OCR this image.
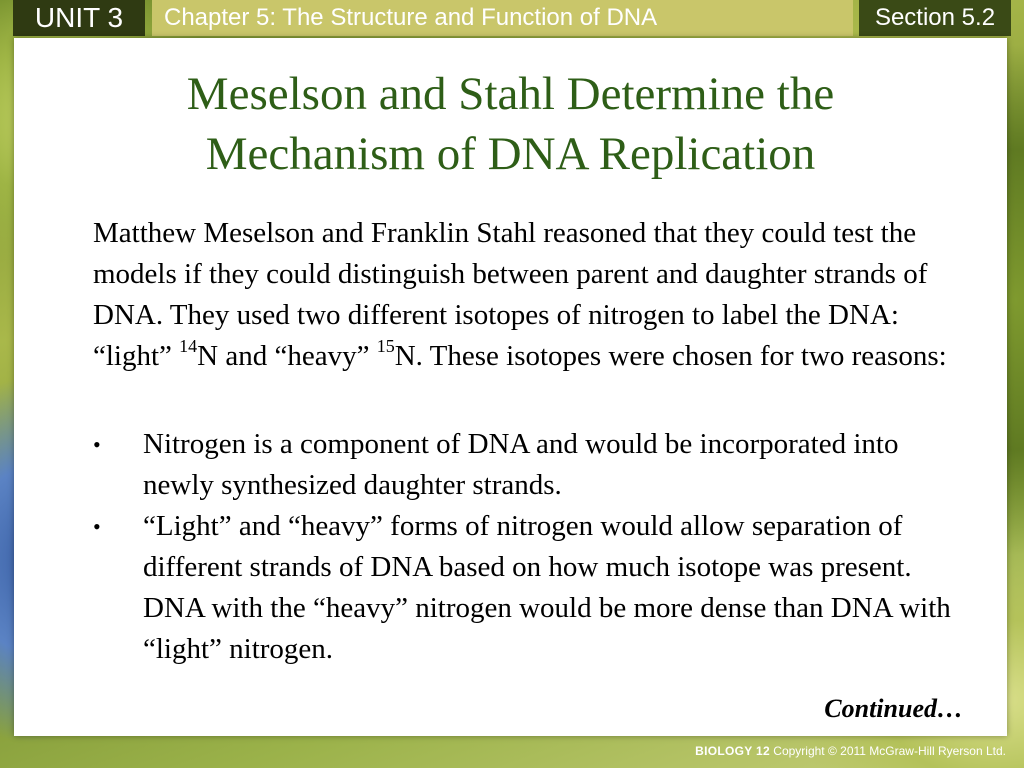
UNIT 3	Chapter 5: The Structure and Function of DNA	Section 5.2
Meselson and Stahl Determine the
Mechanism of DNA Replication

Matthew Meselson and Franklin Stahl reasoned that they could test the models if they could distinguish between parent and daughter strands of DNA. They used two different isotopes of nitrogen to label the DNA: “light” $^{14}$N and “heavy” $^{15}$N. These isotopes were chosen for two reasons:

•	Nitrogen is a component of DNA and would be incorporated into newly synthesized daughter strands.
•	“Light” and “heavy” forms of nitrogen would allow separation of different strands of DNA based on how much isotope was present. DNA with the “heavy” nitrogen would be more dense than DNA with “light” nitrogen.
Continued…
BIOLOGY 12 Copyright © 2011 McGraw-Hill Ryerson Ltd.
